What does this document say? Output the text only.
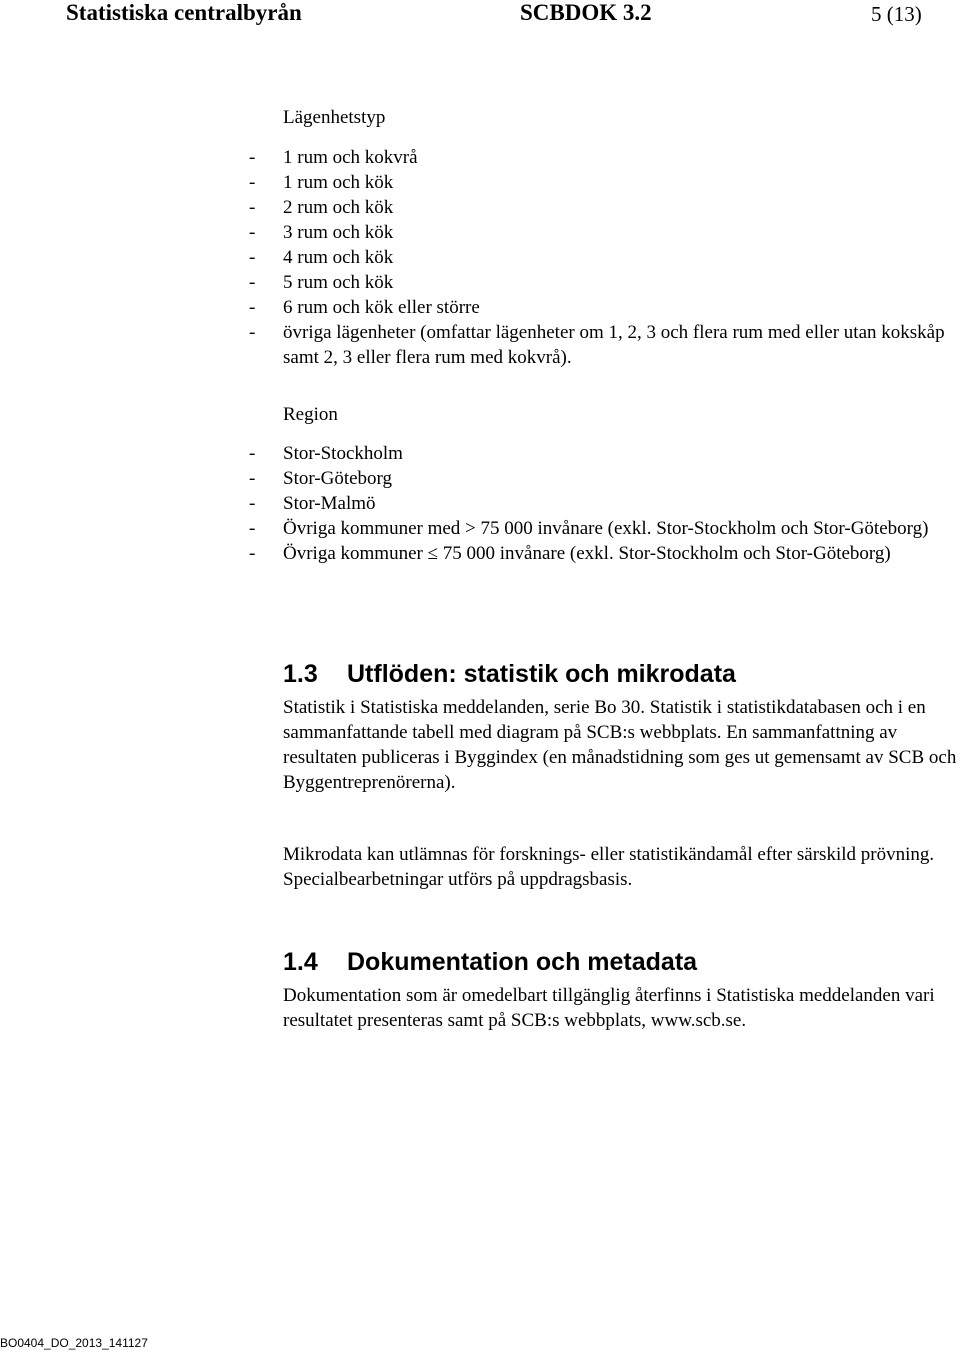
Statistiska centralbyrån	SCBDOK 3.2	5 (13)
Lägenhetstyp
-	1 rum och kokvrå
-	1 rum och kök
-	2 rum och kök
-	3 rum och kök
-	4 rum och kök
-	5 rum och kök
-	6 rum och kök eller större
-	övriga lägenheter (omfattar lägenheter om 1, 2, 3 och flera rum med eller utan kokskåp samt 2, 3 eller flera rum med kokvrå).
Region
-	Stor-Stockholm
-	Stor-Göteborg
-	Stor-Malmö
-	Övriga kommuner med > 75 000 invånare (exkl. Stor-Stockholm och Stor-Göteborg)
-	Övriga kommuner ≤ 75 000 invånare (exkl. Stor-Stockholm och Stor-Göteborg)
1.3 Utflöden: statistik och mikrodata
Statistik i Statistiska meddelanden, serie Bo 30. Statistik i statistikdatabasen och i en sammanfattande tabell med diagram på SCB:s webbplats. En sammanfattning av resultaten publiceras i Byggindex (en månadstidning som ges ut gemensamt av SCB och Byggentreprenörerna).
Mikrodata kan utlämnas för forsknings- eller statistikändamål efter särskild prövning. Specialbearbetningar utförs på uppdragsbasis.
1.4 Dokumentation och metadata
Dokumentation som är omedelbart tillgänglig återfinns i Statistiska meddelanden vari resultatet presenteras samt på SCB:s webbplats, www.scb.se.
BO0404_DO_2013_141127
